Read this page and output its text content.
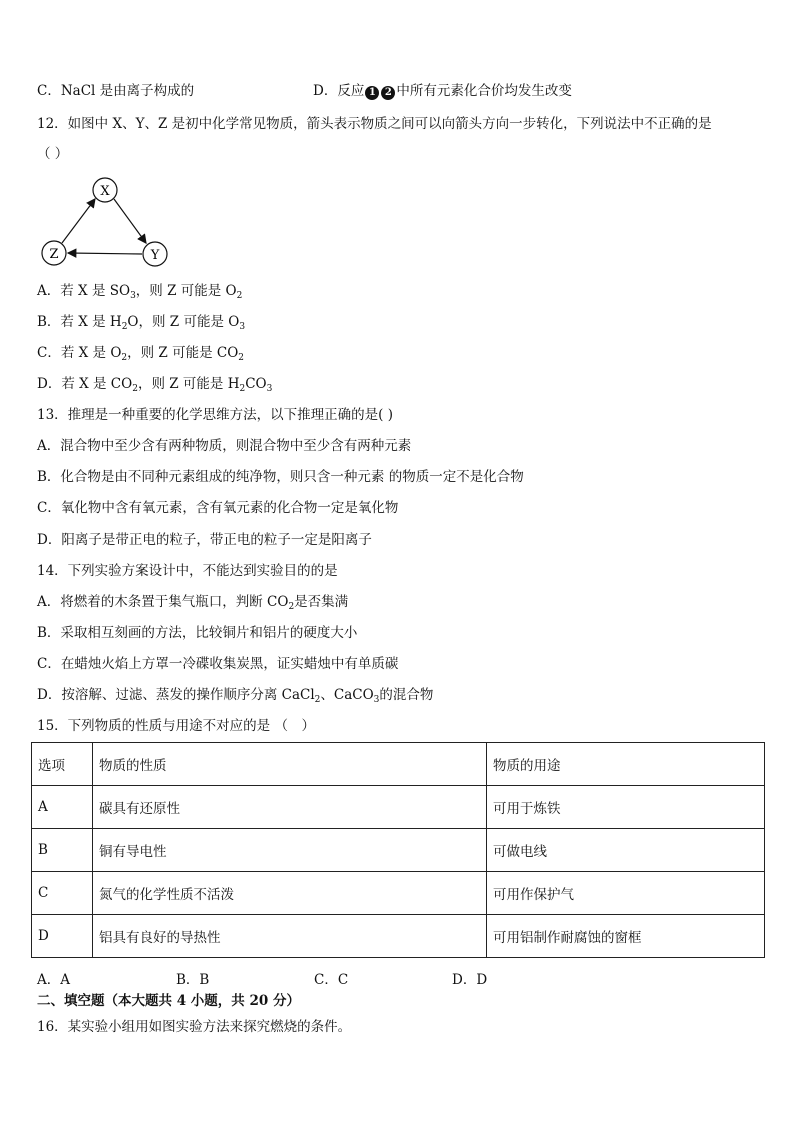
C．NaCl 是由离子构成的	D．反应 1 2 中所有元素化合价均发生改变
12．如图中 X、Y、Z 是初中化学常见物质，箭头表示物质之间可以向箭头方向一步转化，下列说法中不正确的是
（ ）
X
Z	Y
A．若 X 是 $SO_3$，则 Z 可能是 $O_2$
B．若 X 是 $H_2O$，则 Z 可能是 $O_3$
C．若 X 是 $O_2$，则 Z 可能是 $CO_2$
D．若 X 是 $CO_2$，则 Z 可能是 $H_2CO_3$
13．推理是一种重要的化学思维方法，以下推理正确的是( )
A．混合物中至少含有两种物质，则混合物中至少含有两种元素
B．化合物是由不同种元素组成的纯净物，则只含一种元素 的物质一定不是化合物
C．氧化物中含有氧元素，含有氧元素的化合物一定是氧化物
D．阳离子是带正电的粒子，带正电的粒子一定是阳离子
14．下列实验方案设计中，不能达到实验目的的是
A．将燃着的木条置于集气瓶口，判断 $CO_2$是否集满
B．采取相互刻画的方法，比较铜片和铝片的硬度大小
C．在蜡烛火焰上方罩一冷碟收集炭黑，证实蜡烛中有单质碳
D．按溶解、过滤、蒸发的操作顺序分离 CaCl$_2$、CaCO$_3$的混合物
15．下列物质的性质与用途不对应的是 （　）
选项	物质的性质	物质的用途
A	碳具有还原性	可用于炼铁
B	铜有导电性	可做电线
C	氮气的化学性质不活泼	可用作保护气
D	铝具有良好的导热性	可用铝制作耐腐蚀的窗框
A．A	B．B	C．C	D．D
二、填空题（本大题共 4 小题，共 20 分）
16．某实验小组用如图实验方法来探究燃烧的条件。
